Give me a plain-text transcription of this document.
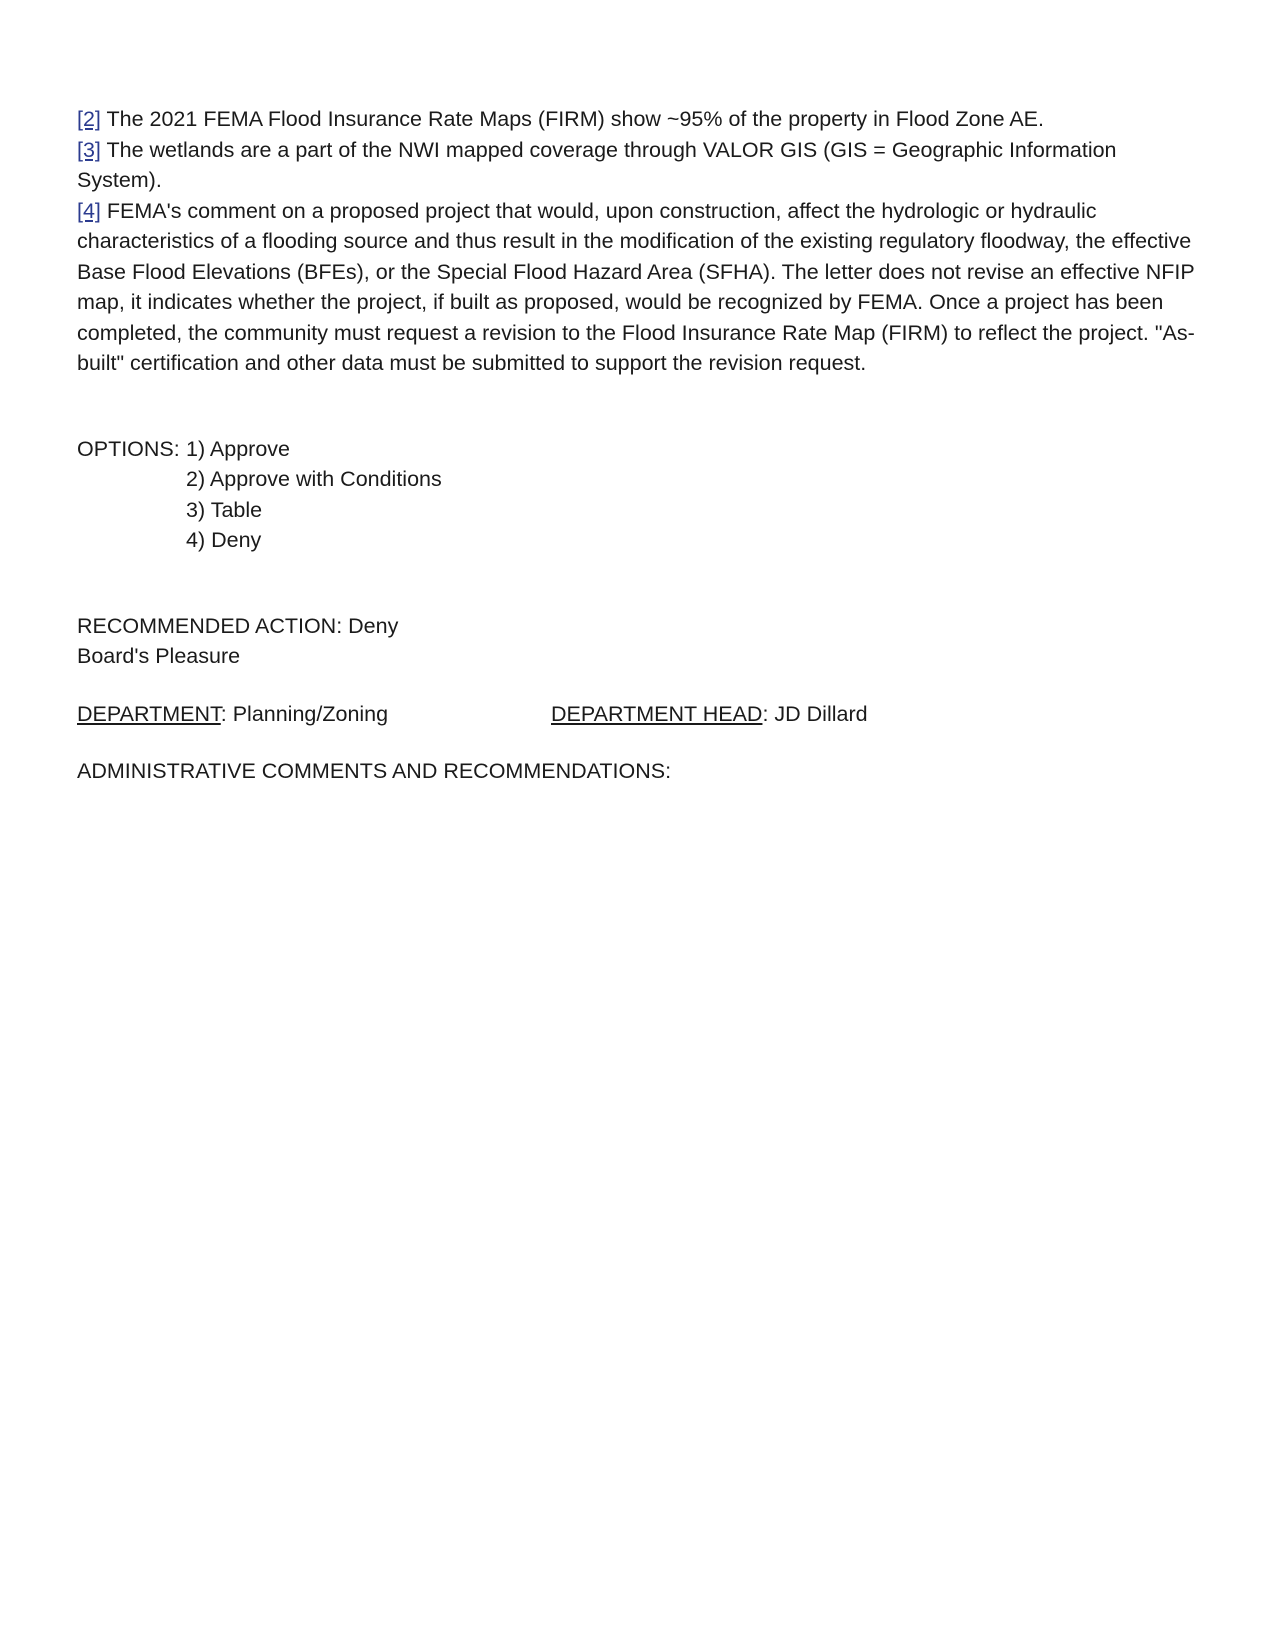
[2] The 2021 FEMA Flood Insurance Rate Maps (FIRM) show ~95% of the property in Flood Zone AE.

[3] The wetlands are a part of the NWI mapped coverage through VALOR GIS (GIS = Geographic Information System).

[4] FEMA's comment on a proposed project that would, upon construction, affect the hydrologic or hydraulic characteristics of a flooding source and thus result in the modification of the existing regulatory floodway, the effective Base Flood Elevations (BFEs), or the Special Flood Hazard Area (SFHA). The letter does not revise an effective NFIP map, it indicates whether the project, if built as proposed, would be recognized by FEMA. Once a project has been completed, the community must request a revision to the Flood Insurance Rate Map (FIRM) to reflect the project. "As-built" certification and other data must be submitted to support the revision request.

OPTIONS: 1) Approve
2) Approve with Conditions
3) Table
4) Deny
RECOMMENDED ACTION: Deny
Board's Pleasure
DEPARTMENT: Planning/Zoning	DEPARTMENT HEAD: JD Dillard
ADMINISTRATIVE COMMENTS AND RECOMMENDATIONS:
